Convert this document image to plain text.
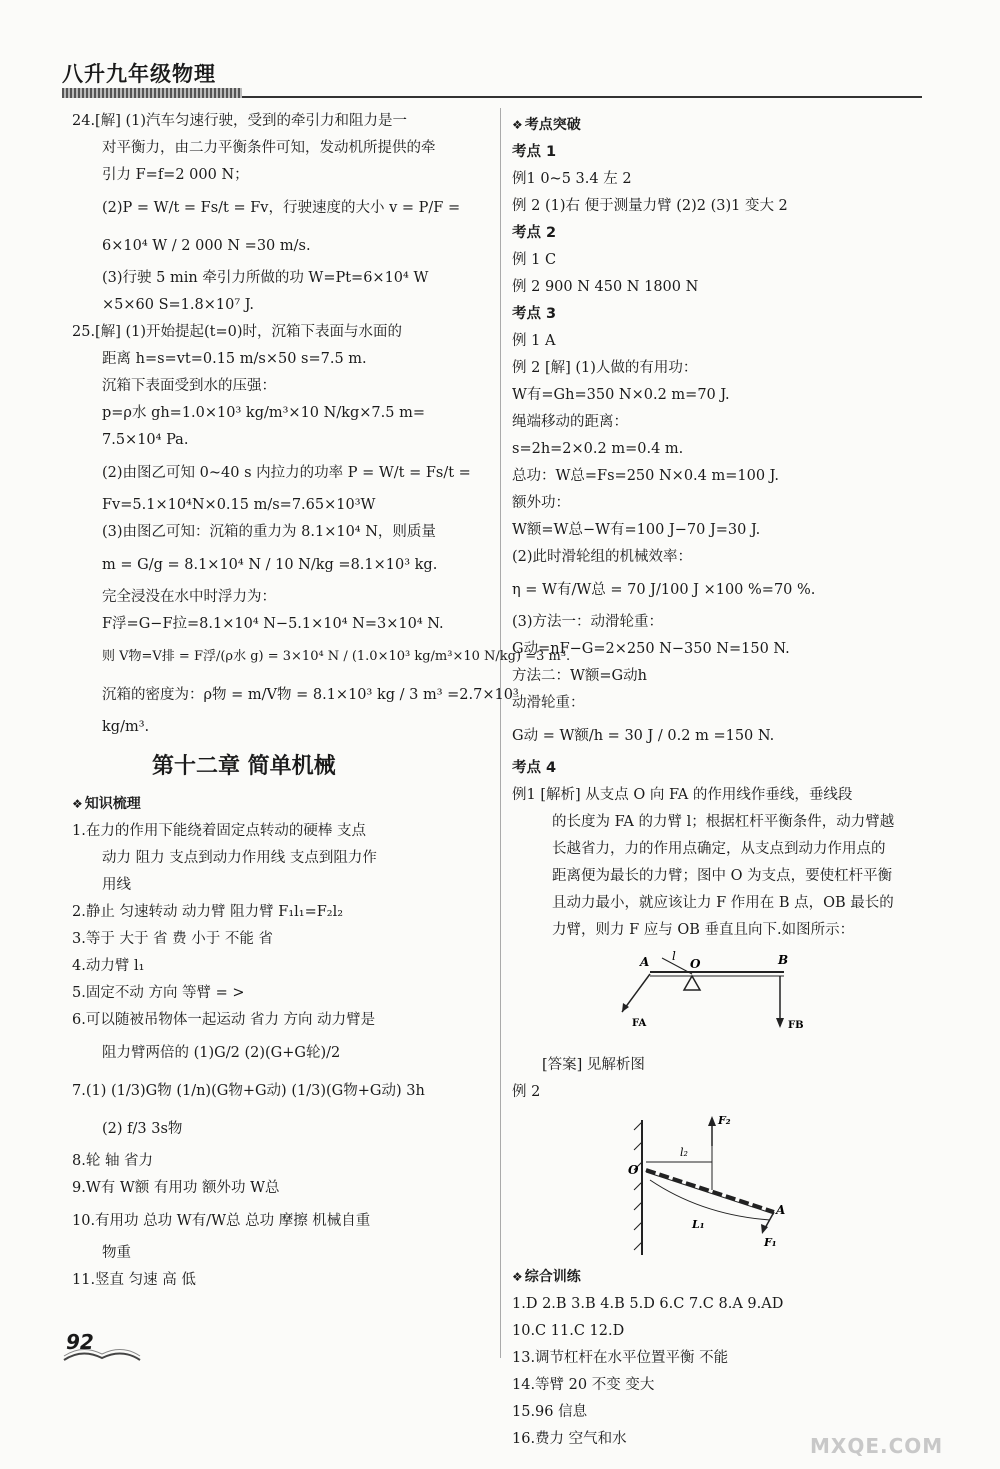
八升九年级物理
24.[解] (1)汽车匀速行驶，受到的牵引力和阻力是一
对平衡力，由二力平衡条件可知，发动机所提供的牵
引力 F=f=2 000 N；
(2)P = W/t = Fs/t = Fv，行驶速度的大小 v = P/F =
6×10⁴ W / 2 000 N =30 m/s.
(3)行驶 5 min 牵引力所做的功 W=Pt=6×10⁴ W
×5×60 S=1.8×10⁷ J.
25.[解] (1)开始提起(t=0)时，沉箱下表面与水面的
距离 h=s=vt=0.15 m/s×50 s=7.5 m.
沉箱下表面受到水的压强：
p=ρ水 gh=1.0×10³ kg/m³×10 N/kg×7.5 m=
7.5×10⁴ Pa.
(2)由图乙可知 0~40 s 内拉力的功率 P = W/t = Fs/t =
Fv=5.1×10⁴N×0.15 m/s=7.65×10³W
(3)由图乙可知：沉箱的重力为 8.1×10⁴ N，则质量
m = G/g = 8.1×10⁴ N / 10 N/kg =8.1×10³ kg.
完全浸没在水中时浮力为：
F浮=G−F拉=8.1×10⁴ N−5.1×10⁴ N=3×10⁴ N.
则 V物=V排 = F浮/(ρ水 g) = 3×10⁴ N / (1.0×10³ kg/m³×10 N/kg) =3 m³.
沉箱的密度为：ρ物 = m/V物 = 8.1×10³ kg / 3 m³ =2.7×10³
kg/m³.
第十二章 简单机械
❖ 知识梳理
1.在力的作用下能绕着固定点转动的硬棒 支点
动力 阻力 支点到动力作用线 支点到阻力作
用线
2.静止 匀速转动 动力臂 阻力臂 F₁l₁=F₂l₂
3.等于 大于 省 费 小于 不能 省
4.动力臂 l₁
5.固定不动 方向 等臂 = >
6.可以随被吊物体一起运动 省力 方向 动力臂是
阻力臂两倍的 (1)G/2 (2)(G+G轮)/2
7.(1) (1/3)G物 (1/n)(G物+G动) (1/3)(G物+G动) 3h
(2) f/3 3s物
8.轮 轴 省力
9.W有 W额 有用功 额外功 W总
10.有用功 总功 W有/W总 总功 摩擦 机械自重
物重
11.竖直 匀速 高 低
❖ 考点突破
考点 1
例1 0~5 3.4 左 2
例 2 (1)右 便于测量力臂 (2)2 (3)1 变大 2
考点 2
例 1 C
例 2 900 N 450 N 1800 N
考点 3
例 1 A
例 2 [解] (1)人做的有用功：
W有=Gh=350 N×0.2 m=70 J.
绳端移动的距离：
s=2h=2×0.2 m=0.4 m.
总功：W总=Fs=250 N×0.4 m=100 J.
额外功：
W额=W总−W有=100 J−70 J=30 J.
(2)此时滑轮组的机械效率：
η = W有/W总 = 70 J/100 J ×100 %=70 %.
(3)方法一：动滑轮重：
G动=nF−G=2×250 N−350 N=150 N.
方法二：W额=G动h
动滑轮重：
G动 = W额/h = 30 J / 0.2 m =150 N.
考点 4
例1 [解析] 从支点 O 向 FA 的作用线作垂线，垂线段
的长度为 FA 的力臂 l；根据杠杆平衡条件，动力臂越
长越省力，力的作用点确定，从支点到动力作用点的
距离便为最长的力臂；图中 O 为支点，要使杠杆平衡
且动力最小，就应该让力 F 作用在 B 点，OB 最长的
力臂，则力 F 应与 OB 垂直且向下.如图所示：
A l
O	B
FA	FB
[答案] 见解析图
例 2
F₂
l₂
O
A
L₁
F₁
❖ 综合训练
1.D 2.B 3.B 4.B 5.D 6.C 7.C 8.A 9.AD
10.C 11.C 12.D
13.调节杠杆在水平位置平衡 不能
14.等臂 20 不变 变大
15.96 信息
16.费力 空气和水
92
MXQE.COM
